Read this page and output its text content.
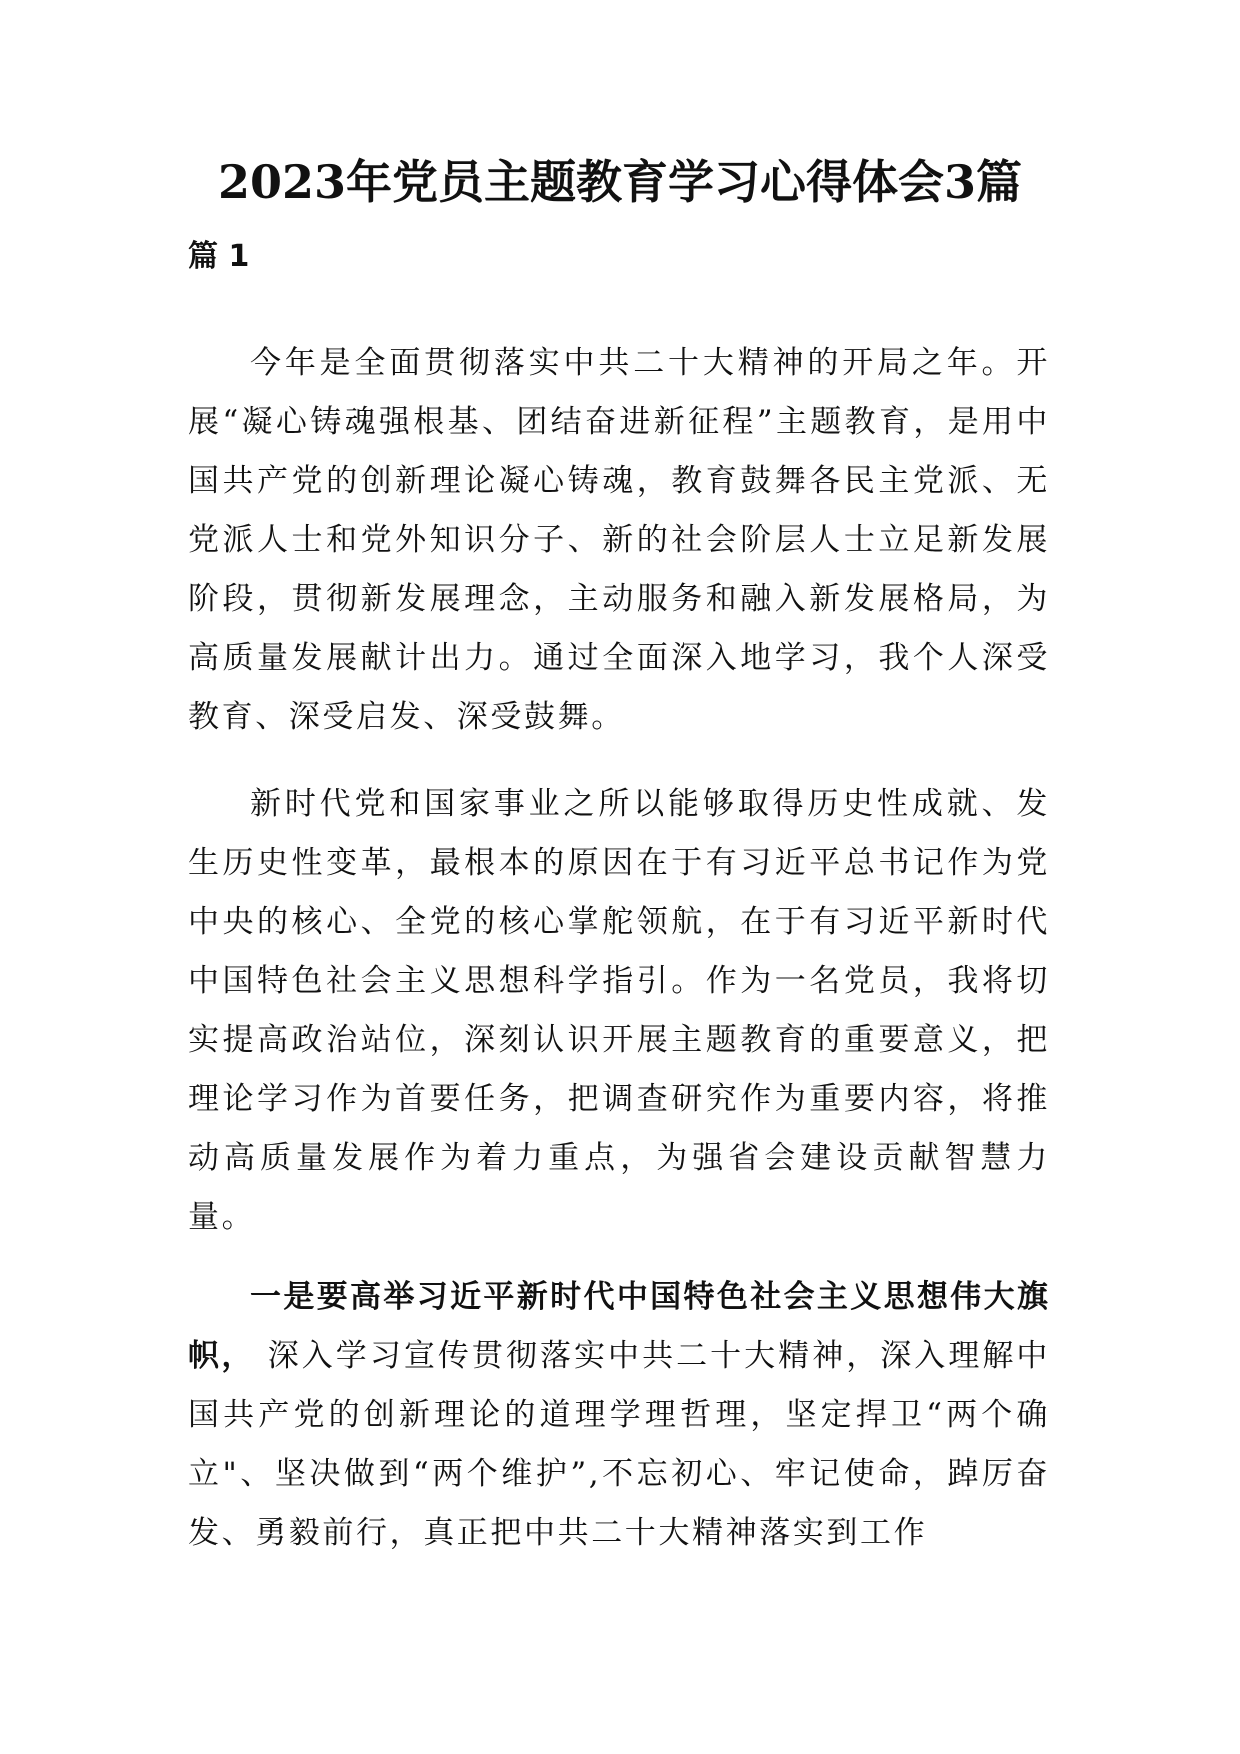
2023年党员主题教育学习心得体会3篇
篇 1

今年是全面贯彻落实中共二十大精神的开局之年。开展“凝心铸魂强根基、团结奋进新征程”主题教育，是用中国共产党的创新理论凝心铸魂，教育鼓舞各民主党派、无党派人士和党外知识分子、新的社会阶层人士立足新发展阶段，贯彻新发展理念，主动服务和融入新发展格局，为高质量发展献计出力。通过全面深入地学习，我个人深受教育、深受启发、深受鼓舞。

新时代党和国家事业之所以能够取得历史性成就、发生历史性变革，最根本的原因在于有习近平总书记作为党中央的核心、全党的核心掌舵领航，在于有习近平新时代中国特色社会主义思想科学指引。作为一名党员，我将切实提高政治站位，深刻认识开展主题教育的重要意义，把理论学习作为首要任务，把调查研究作为重要内容，将推动高质量发展作为着力重点，为强省会建设贡献智慧力量。

一是要高举习近平新时代中国特色社会主义思想伟大旗帜， 深入学习宣传贯彻落实中共二十大精神，深入理解中国共产党的创新理论的道理学理哲理，坚定捍卫“两个确立"、坚决做到“两个维护”,不忘初心、牢记使命，踔厉奋发、勇毅前行，真正把中共二十大精神落实到工作
